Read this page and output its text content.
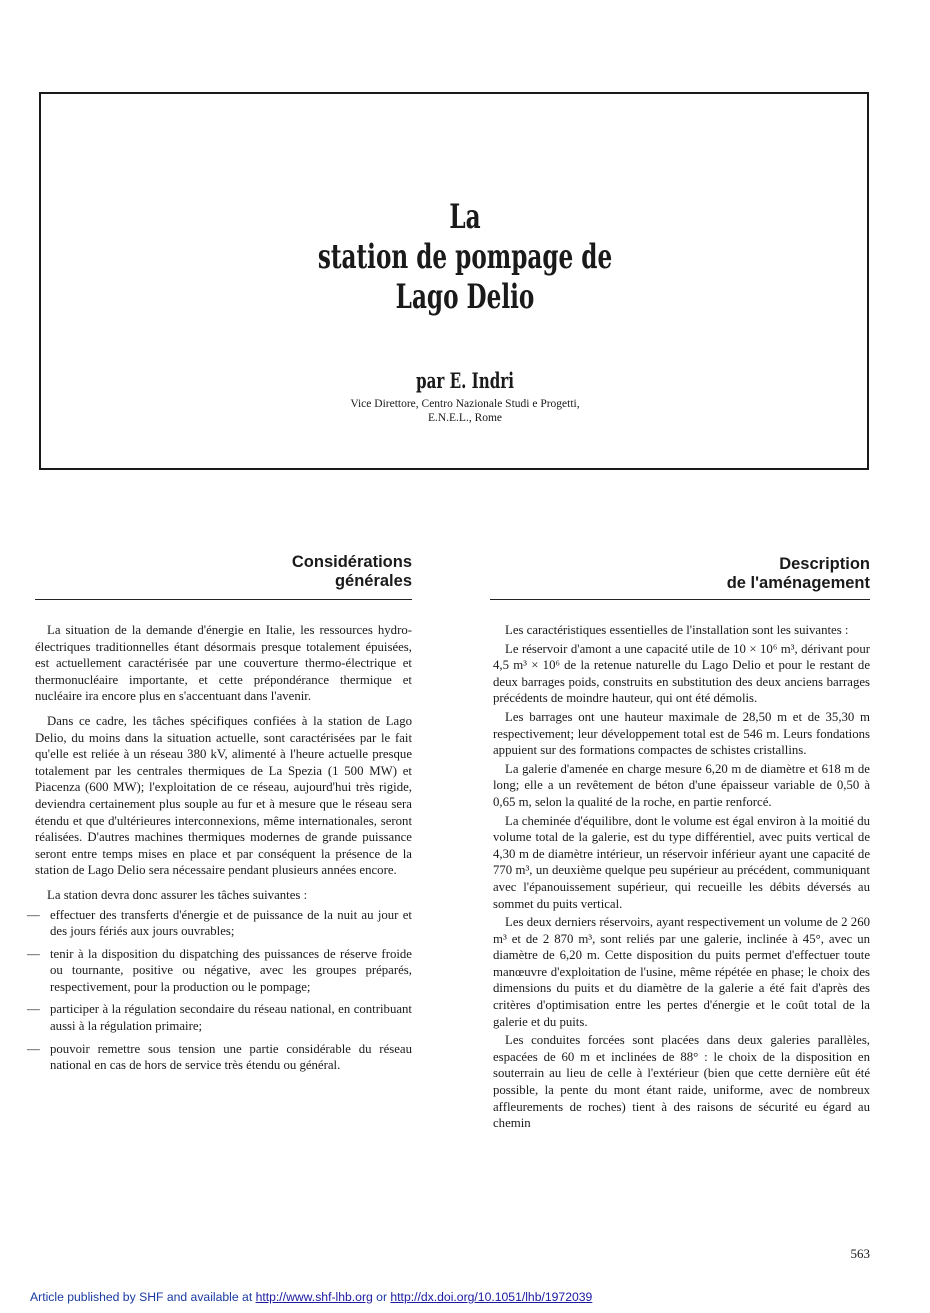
La
station de pompage de
Lago Delio
par E. Indri
Vice Direttore, Centro Nazionale Studi e Progetti,
E.N.E.L., Rome
Considérations
générales
Description
de l'aménagement

La situation de la demande d'énergie en Italie, les ressources hydro-électriques traditionnelles étant désormais presque totalement épuisées, est actuellement caractérisée par une couverture thermo-électrique et thermonucléaire importante, et cette prépondérance thermique et nucléaire ira encore plus en s'accentuant dans l'avenir.

Dans ce cadre, les tâches spécifiques confiées à la station de Lago Delio, du moins dans la situation actuelle, sont caractérisées par le fait qu'elle est reliée à un réseau 380 kV, alimenté à l'heure actuelle presque totalement par les centrales thermiques de La Spezia (1 500 MW) et Piacenza (600 MW); l'exploitation de ce réseau, aujourd'hui très rigide, deviendra certainement plus souple au fur et à mesure que le réseau sera étendu et que d'ultérieures interconnexions, même internationales, seront réalisées. D'autres machines thermiques modernes de grande puissance seront entre temps mises en place et par conséquent la présence de la station de Lago Delio sera nécessaire pendant plusieurs années encore.

La station devra donc assurer les tâches suivantes :

— effectuer des transferts d'énergie et de puissance de la nuit au jour et des jours fériés aux jours ouvrables;
— tenir à la disposition du dispatching des puissances de réserve froide ou tournante, positive ou négative, avec les groupes préparés, respectivement, pour la production ou le pompage;
— participer à la régulation secondaire du réseau national, en contribuant aussi à la régulation primaire;
— pouvoir remettre sous tension une partie considérable du réseau national en cas de hors de service très étendu ou général.

Les caractéristiques essentielles de l'installation sont les suivantes :

Le réservoir d'amont a une capacité utile de 10 × 10⁶ m³, dérivant pour 4,5 m³ × 10⁶ de la retenue naturelle du Lago Delio et pour le restant de deux barrages poids, construits en substitution des deux anciens barrages précédents de moindre hauteur, qui ont été démolis.

Les barrages ont une hauteur maximale de 28,50 m et de 35,30 m respectivement; leur développement total est de 546 m. Leurs fondations appuient sur des formations compactes de schistes cristallins.

La galerie d'amenée en charge mesure 6,20 m de diamètre et 618 m de long; elle a un revêtement de béton d'une épaisseur variable de 0,50 à 0,65 m, selon la qualité de la roche, en partie renforcé.

La cheminée d'équilibre, dont le volume est égal environ à la moitié du volume total de la galerie, est du type différentiel, avec puits vertical de 4,30 m de diamètre intérieur, un réservoir inférieur ayant une capacité de 770 m³, un deuxième quelque peu supérieur au précédent, communiquant avec l'épanouissement supérieur, qui recueille les débits déversés au sommet du puits vertical.

Les deux derniers réservoirs, ayant respectivement un volume de 2 260 m³ et de 2 870 m³, sont reliés par une galerie, inclinée à 45°, avec un diamètre de 6,20 m. Cette disposition du puits permet d'effectuer toute manœuvre d'exploitation de l'usine, même répétée en phase; le choix des dimensions du puits et du diamètre de la galerie a été fait d'après des critères d'optimisation entre les pertes d'énergie et le coût total de la galerie et du puits.

Les conduites forcées sont placées dans deux galeries parallèles, espacées de 60 m et inclinées de 88° : le choix de la disposition en souterrain au lieu de celle à l'extérieur (bien que cette dernière eût été possible, la pente du mont étant raide, uniforme, avec de nombreux affleurements de roches) tient à des raisons de sécurité eu égard au chemin

563
Article published by SHF and available at http://www.shf-lhb.org or http://dx.doi.org/10.1051/lhb/1972039
